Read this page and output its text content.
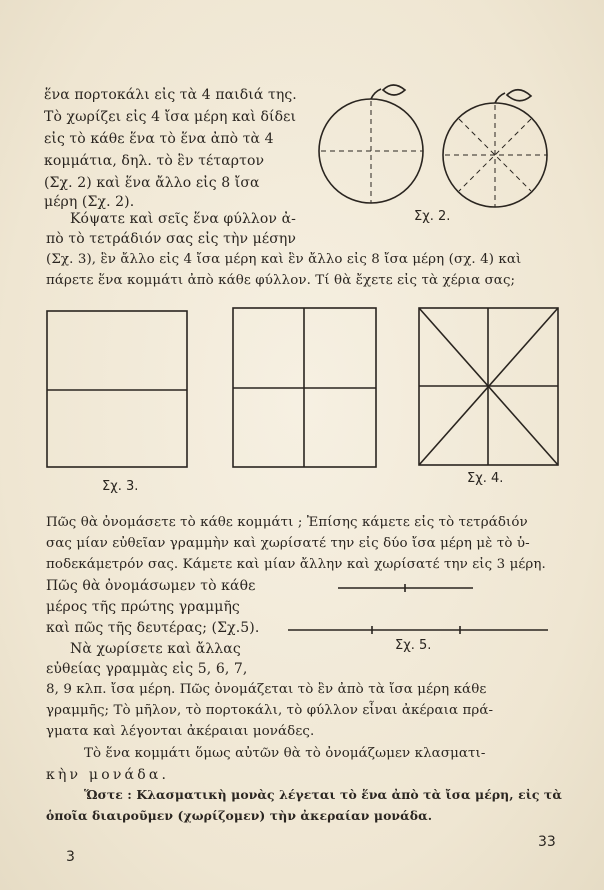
ἕνα πορτοκάλι εἰς τὰ 4 παιδιά της.
Τὸ χωρίζει εἰς 4 ἴσα μέρη καὶ δίδει
εἰς τὸ κάθε ἕνα τὸ ἕνα ἀπὸ τὰ 4
κομμάτια, δηλ. τὸ ἓν τέταρτον
(Σχ. 2) καὶ ἕνα ἄλλο εἰς 8 ἴσα
μέρη (Σχ. 2).
Κόψατε καὶ σεῖς ἕνα φύλλον ἀ-
πὸ τὸ τετράδιόν σας εἰς τὴν μέσην
(Σχ. 3), ἓν ἄλλο εἰς 4 ἴσα μέρη καὶ ἓν ἄλλο εἰς 8 ἴσα μέρη (σχ. 4) καὶ
πάρετε ἕνα κομμάτι ἀπὸ κάθε φύλλον. Τί θὰ ἔχετε εἰς τὰ χέρια σας;
Σχ. 2.
Σχ. 3.
Σχ. 4.
Πῶς θὰ ὀνομάσετε τὸ κάθε κομμάτι ; Ἐπίσης κάμετε εἰς τὸ τετράδιόν
σας μίαν εὐθεῖαν γραμμὴν καὶ χωρίσατέ την εἰς δύο ἴσα μέρη μὲ τὸ ὑ-
ποδεκάμετρόν σας. Κάμετε καὶ μίαν ἄλλην καὶ χωρίσατέ την εἰς 3 μέρη.
Πῶς θὰ ὀνομάσωμεν τὸ κάθε
μέρος τῆς πρώτης γραμμῆς
καὶ πῶς τῆς δευτέρας; (Σχ.5).
Σχ. 5.
Νὰ χωρίσετε καὶ ἄλλας
εὐθείας γραμμὰς εἰς 5, 6, 7,
8, 9 κλπ. ἴσα μέρη. Πῶς ὀνομάζεται τὸ ἓν ἀπὸ τὰ ἴσα μέρη κάθε
γραμμῆς; Τὸ μῆλον, τὸ πορτοκάλι, τὸ φύλλον εἶναι ἀκέραια πρά-
γματα καὶ λέγονται ἀκέραιαι μονάδες.
Τὸ ἕνα κομμάτι ὅμως αὐτῶν θὰ τὸ ὀνομάζωμεν κλασματι-
κὴν μονάδα.
Ὥστε : Κλασματικὴ μονὰς λέγεται τὸ ἕνα ἀπὸ τὰ ἴσα μέρη, εἰς τὰ
ὁποῖα διαιροῦμεν (χωρίζομεν) τὴν ἀκεραίαν μονάδα.
3
33
